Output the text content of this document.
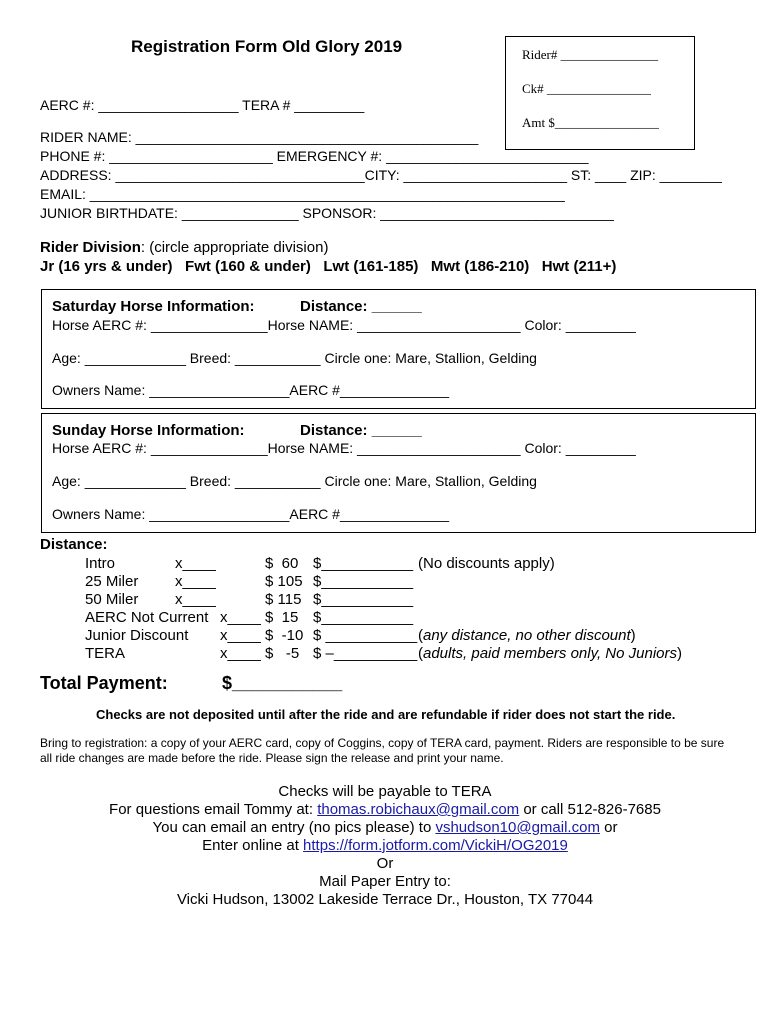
Registration Form Old Glory 2019	Rider# _______________
Ck# ________________
Amt $________________
AERC #: __________________ TERA # _________
RIDER NAME: ____________________________________________
PHONE #: _____________________ EMERGENCY #: __________________________
ADDRESS: ________________________________CITY: _____________________ ST: ____ ZIP: ________
EMAIL: _____________________________________________________________
JUNIOR BIRTHDATE: _______________ SPONSOR: ______________________________
Rider Division: (circle appropriate division)
Jr (16 yrs & under)   Fwt (160 & under)   Lwt (161-185)   Mwt (186-210)   Hwt (211+)
Saturday Horse Information:	Distance: ______
Horse AERC #: _______________Horse NAME: _____________________ Color: _________
Age: _____________ Breed: ___________ Circle one: Mare, Stallion, Gelding
Owners Name: __________________AERC #______________
Sunday Horse Information:	Distance: ______
Horse AERC #: _______________Horse NAME: _____________________ Color: _________
Age: _____________ Breed: ___________ Circle one: Mare, Stallion, Gelding
Owners Name: __________________AERC #______________
Distance:
Intro	x____	$  60 $___________ (No discounts apply)
25 Miler x____	$ 105 $___________
50 Miler x____	$ 115 $___________
AERC Not Current x____ $  15 $___________
Junior Discount x____ $  -10 $ ___________ (any distance, no other discount)
TERA	x____ $   -5 $ –__________ (adults, paid members only, No Juniors)
Total Payment:	$___________
Checks are not deposited until after the ride and are refundable if rider does not start the ride.
Bring to registration: a copy of your AERC card, copy of Coggins, copy of TERA card, payment. Riders are responsible to be sure all ride changes are made before the ride. Please sign the release and print your name.
Checks will be payable to TERA
For questions email Tommy at: thomas.robichaux@gmail.com or call 512-826-7685
You can email an entry (no pics please) to vshudson10@gmail.com or
Enter online at https://form.jotform.com/VickiH/OG2019
Or
Mail Paper Entry to:
Vicki Hudson, 13002 Lakeside Terrace Dr., Houston, TX 77044
